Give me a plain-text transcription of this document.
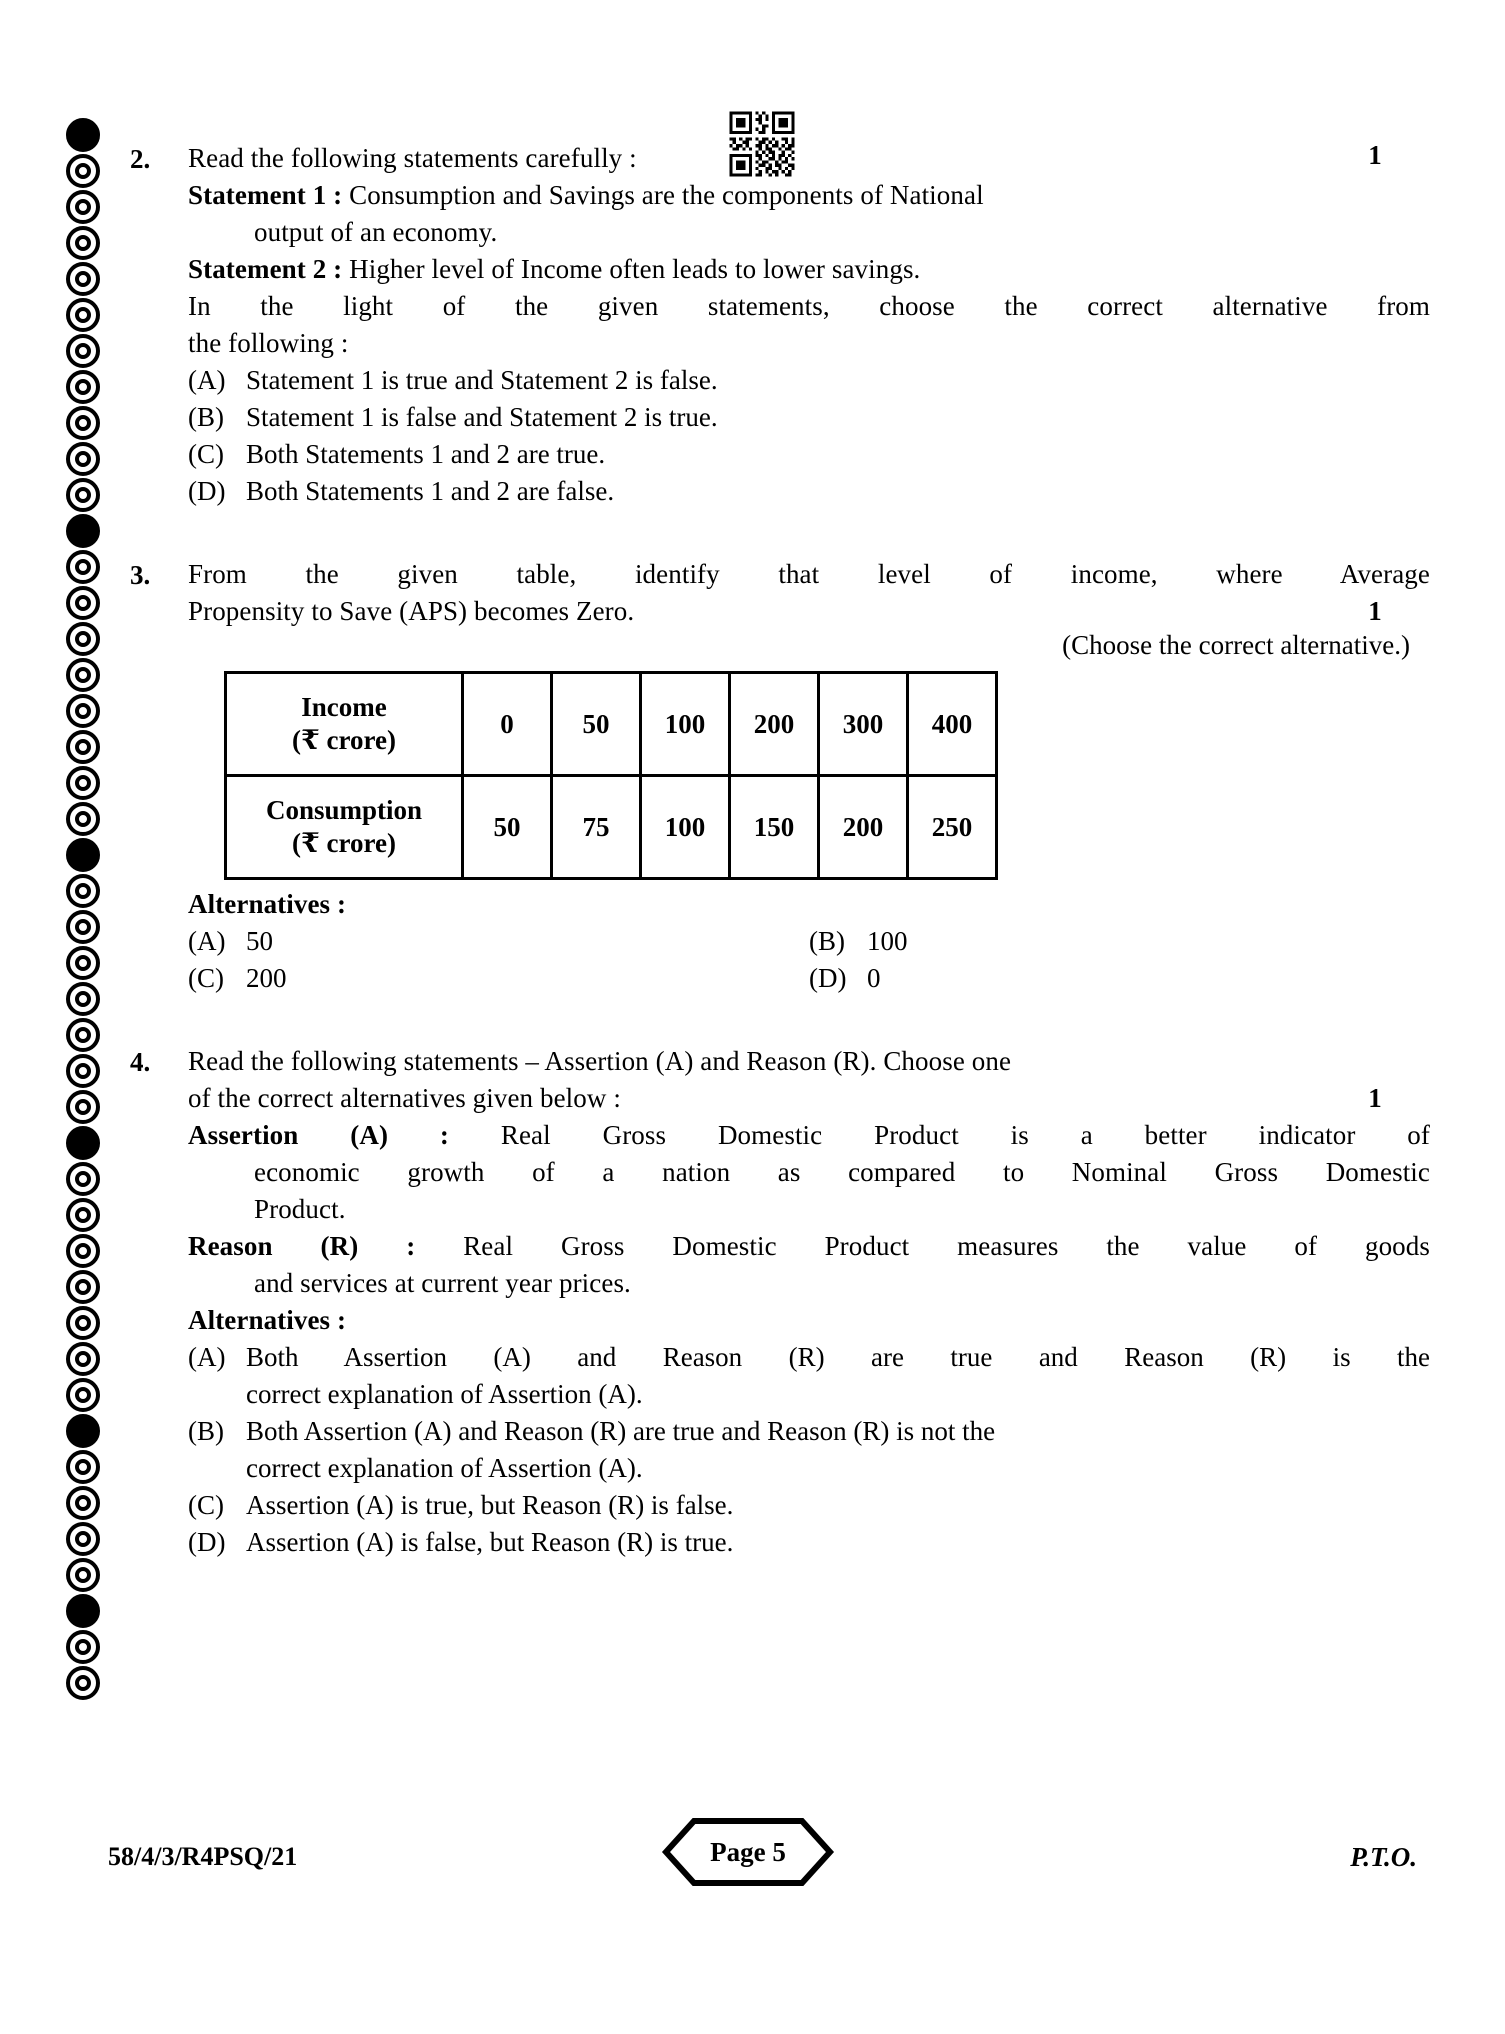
2.	Read the following statements carefully :
Statement 1 : Consumption and Savings are the components of National
output of an economy.
Statement 2 : Higher level of Income often leads to lower savings.
In the light of the given statements, choose the correct alternative from
the following :
(A) Statement 1 is true and Statement 2 is false.
(B) Statement 1 is false and Statement 2 is true.
(C) Both Statements 1 and 2 are true.
(D) Both Statements 1 and 2 are false.
1
3.	From the given table, identify that level of income, where Average
Propensity to Save (APS) becomes Zero.
(Choose the correct alternative.)
Income
(₹ crore)	0	50	100	200	300	400

Consumption
(₹ crore)	50	75	100	150	200	250
Alternatives :
(A) 50
(C) 200
(B) 100
(D) 0
1
4.	Read the following statements – Assertion (A) and Reason (R). Choose one
of the correct alternatives given below :
Assertion (A) : Real Gross Domestic Product is a better indicator of
economic growth of a nation as compared to Nominal Gross Domestic
Product.
Reason (R) : Real Gross Domestic Product measures the value of goods
and services at current year prices.
Alternatives :
(A) Both Assertion (A) and Reason (R) are true and Reason (R) is the
correct explanation of Assertion (A).
(B) Both Assertion (A) and Reason (R) are true and Reason (R) is not the
correct explanation of Assertion (A).
(C) Assertion (A) is true, but Reason (R) is false.
(D) Assertion (A) is false, but Reason (R) is true.
1
58/4/3/R4PSQ/21	Page 5	P.T.O.
